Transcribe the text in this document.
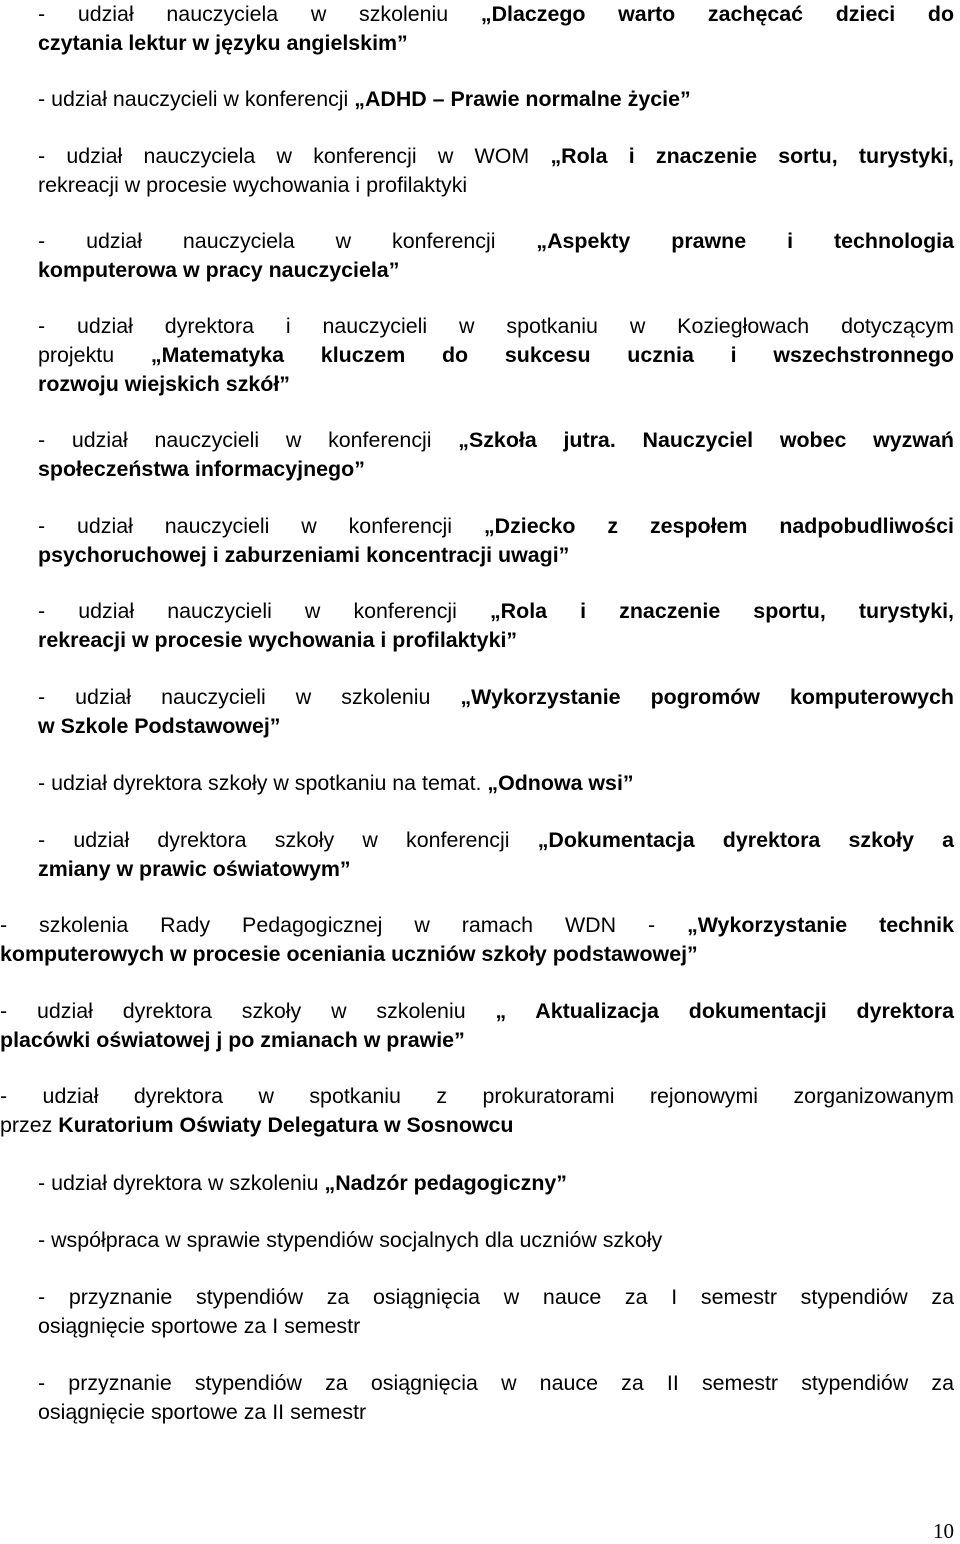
- udział nauczyciela w szkoleniu „Dlaczego warto zachęcać dzieci do
czytania lektur w języku angielskim”
- udział nauczycieli w konferencji „ADHD – Prawie normalne życie”
- udział nauczyciela w konferencji w WOM „Rola i znaczenie sortu, turystyki,
rekreacji w procesie wychowania i profilaktyki
- udział nauczyciela w konferencji „Aspekty prawne i technologia
komputerowa w pracy nauczyciela”
- udział dyrektora i nauczycieli w spotkaniu w Koziegłowach dotyczącym
projektu „Matematyka kluczem do sukcesu ucznia i wszechstronnego
rozwoju wiejskich szkół”
- udział nauczycieli w konferencji „Szkoła jutra. Nauczyciel wobec wyzwań
społeczeństwa informacyjnego”
- udział nauczycieli w konferencji „Dziecko z zespołem nadpobudliwości
psychoruchowej i zaburzeniami koncentracji uwagi”
- udział nauczycieli w konferencji „Rola i znaczenie sportu, turystyki,
rekreacji w procesie wychowania i profilaktyki”
- udział nauczycieli w szkoleniu „Wykorzystanie pogromów komputerowych
w Szkole Podstawowej”
- udział dyrektora szkoły w spotkaniu na temat. „Odnowa wsi”
- udział dyrektora szkoły w konferencji „Dokumentacja dyrektora szkoły a
zmiany w prawic oświatowym”
- szkolenia Rady Pedagogicznej w ramach WDN - „Wykorzystanie technik
komputerowych w procesie oceniania uczniów szkoły podstawowej”
- udział dyrektora szkoły w szkoleniu „ Aktualizacja dokumentacji dyrektora
placówki oświatowej j po zmianach w prawie”
- udział dyrektora w spotkaniu z prokuratorami rejonowymi zorganizowanym
przez Kuratorium Oświaty Delegatura w Sosnowcu
- udział dyrektora w szkoleniu „Nadzór pedagogiczny”
- współpraca w sprawie stypendiów socjalnych dla uczniów szkoły
- przyznanie stypendiów za osiągnięcia w nauce za I semestr stypendiów za
osiągnięcie sportowe za I semestr
- przyznanie stypendiów za osiągnięcia w nauce za II semestr stypendiów za
osiągnięcie sportowe za II semestr
10
